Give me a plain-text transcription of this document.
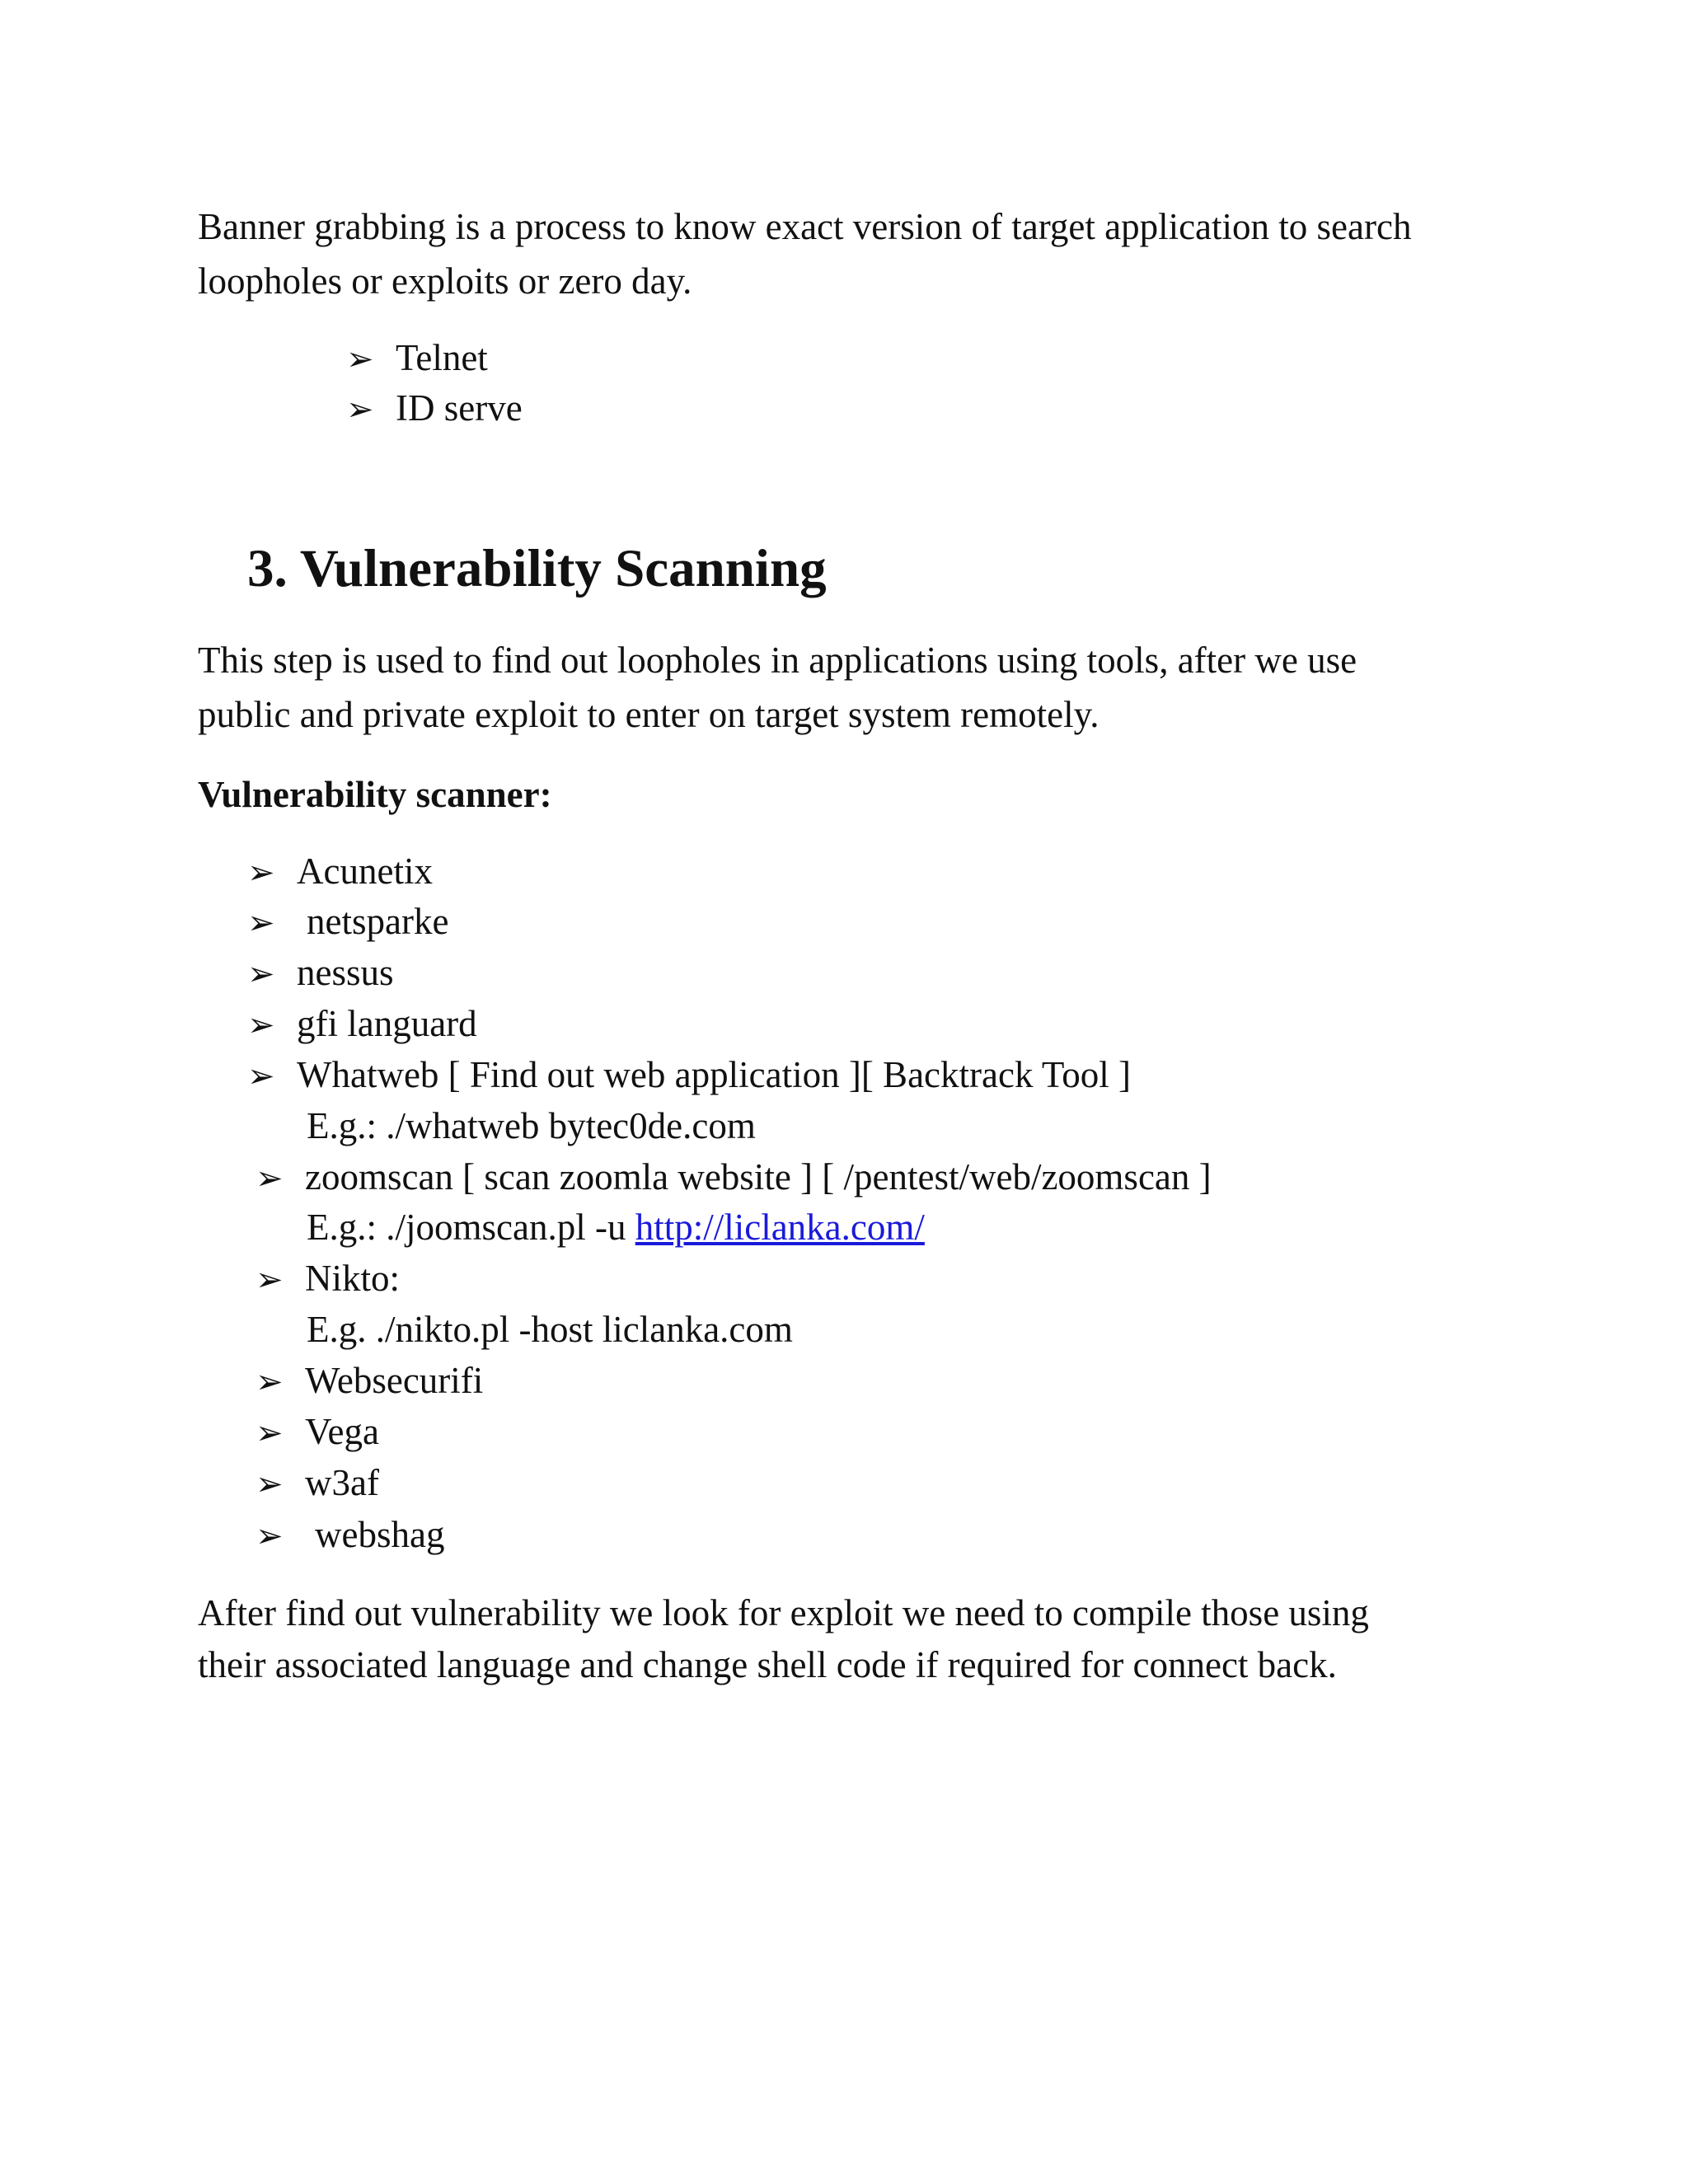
Banner grabbing is a process to know exact version of target application to search
loopholes or exploits or zero day.
➢ Telnet
➢ ID serve
3. Vulnerability Scanning
This step is used to find out loopholes in applications using tools, after we use
public and private exploit to enter on target system remotely.
Vulnerability scanner:
➢ Acunetix
➢ netsparke
➢ nessus
➢ gfi languard
➢ Whatweb [ Find out web application ][ Backtrack Tool ]
E.g.: ./whatweb bytec0de.com
➢ zoomscan [ scan zoomla website ] [ /pentest/web/zoomscan ]
E.g.: ./joomscan.pl -u http://liclanka.com/
➢ Nikto:
E.g. ./nikto.pl -host liclanka.com
➢ Websecurifi
➢ Vega
➢ w3af
➢ webshag
After find out vulnerability we look for exploit we need to compile those using
their associated language and change shell code if required for connect back.
